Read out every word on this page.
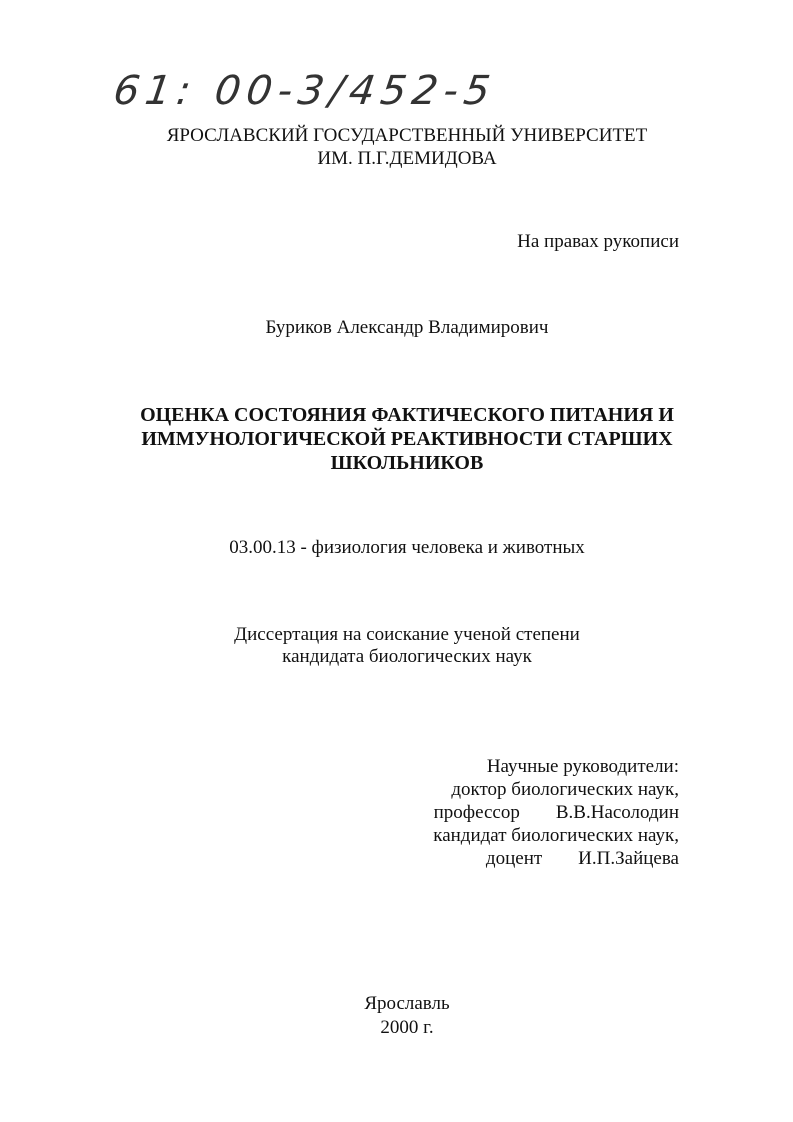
61: 00-3/452-5
ЯРОСЛАВСКИЙ ГОСУДАРСТВЕННЫЙ УНИВЕРСИТЕТ
ИМ. П.Г.ДЕМИДОВА
На правах рукописи
Буриков Александр Владимирович
ОЦЕНКА СОСТОЯНИЯ ФАКТИЧЕСКОГО ПИТАНИЯ И
ИММУНОЛОГИЧЕСКОЙ РЕАКТИВНОСТИ СТАРШИХ
ШКОЛЬНИКОВ
03.00.13 - физиология человека и животных
Диссертация на соискание ученой степени
кандидата биологических наук
Научные руководители:
доктор биологических наук,
профессор В.В.Насолодин
кандидат биологических наук,
доцент И.П.Зайцева
Ярославль
2000 г.
